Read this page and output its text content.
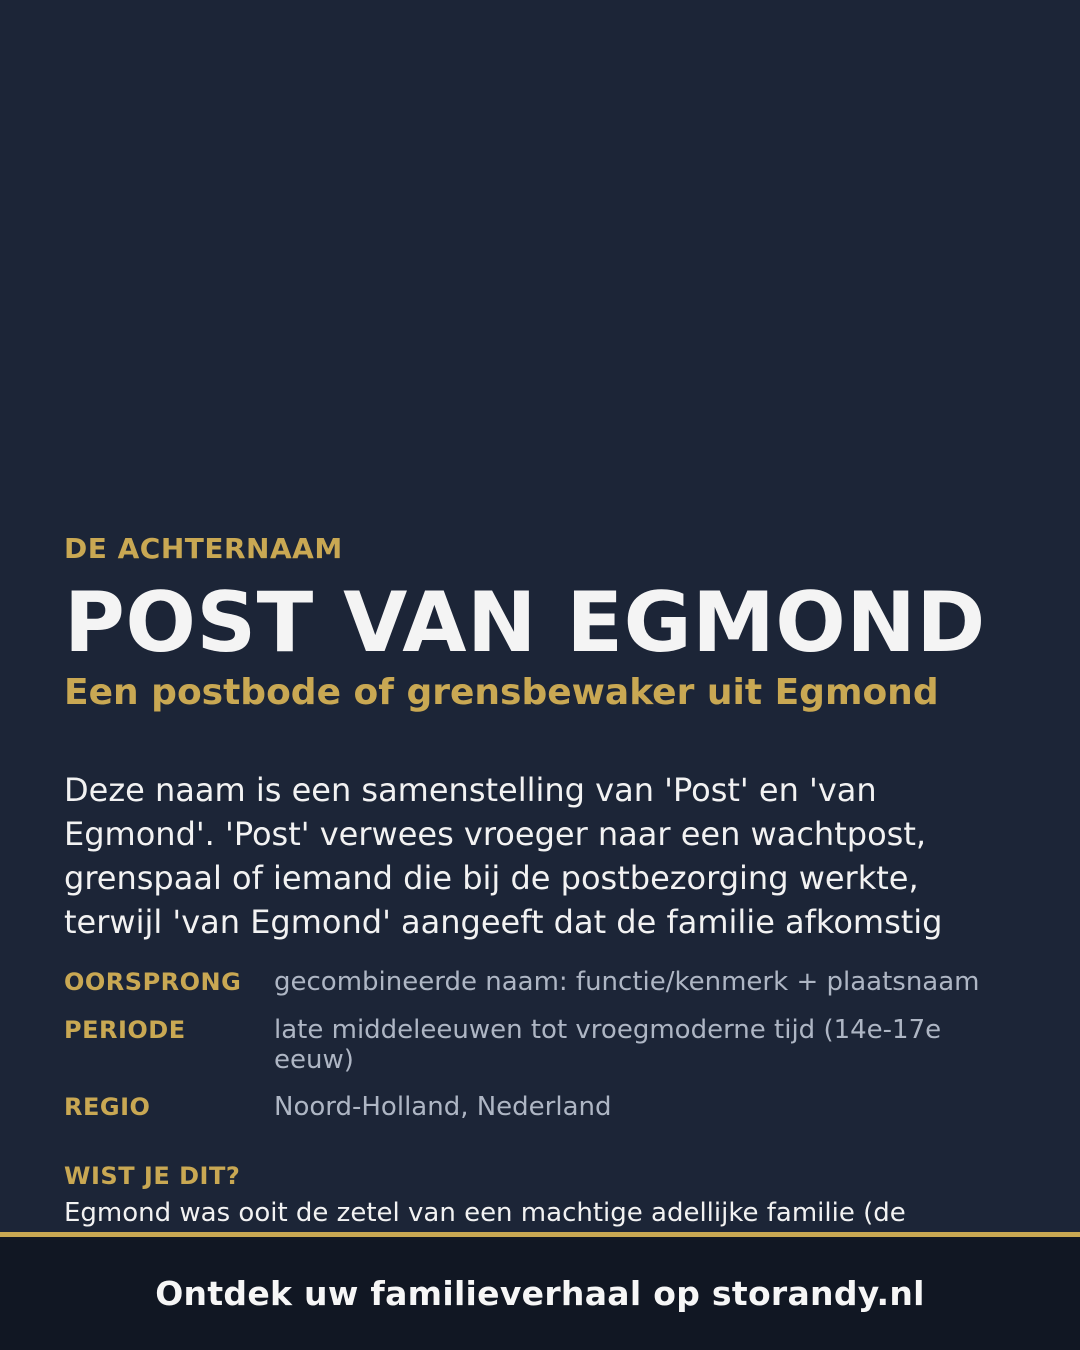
DE ACHTERNAAM
POST VAN EGMOND
Een postbode of grensbewaker uit Egmond
Deze naam is een samenstelling van 'Post' en 'van Egmond'. 'Post' verwees vroeger naar een wachtpost, grenspaal of iemand die bij de postbezorging werkte, terwijl 'van Egmond' aangeeft dat de familie afkomstig
OORSPRONG	gecombineerde naam: functie/kenmerk + plaatsnaam
PERIODE	late middeleeuwen tot vroegmoderne tijd (14e-17e eeuw)
REGIO	Noord-Holland, Nederland
WIST JE DIT?
Egmond was ooit de zetel van een machtige adellijke familie (de
Ontdek uw familieverhaal op storandy.nl
